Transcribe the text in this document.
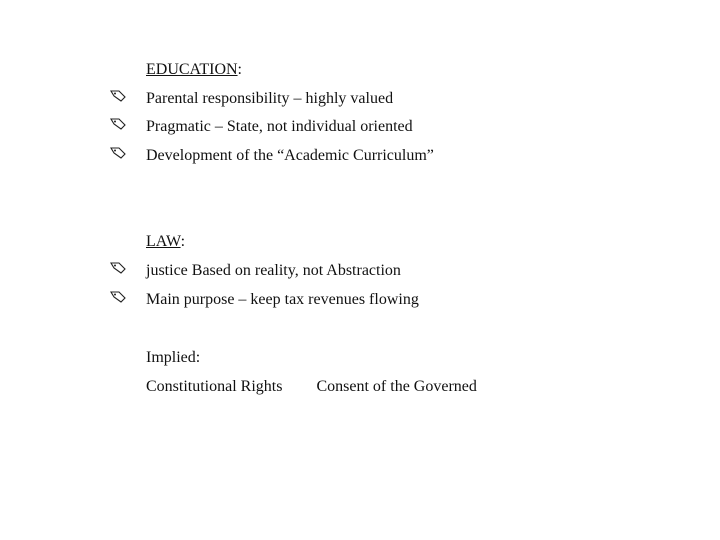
EDUCATION:
Parental responsibility – highly valued
Pragmatic – State, not individual oriented
Development of the “Academic Curriculum”
LAW:
justice Based on reality, not Abstraction
Main purpose – keep tax revenues flowing
Implied:
Constitutional Rights Consent of the Governed
